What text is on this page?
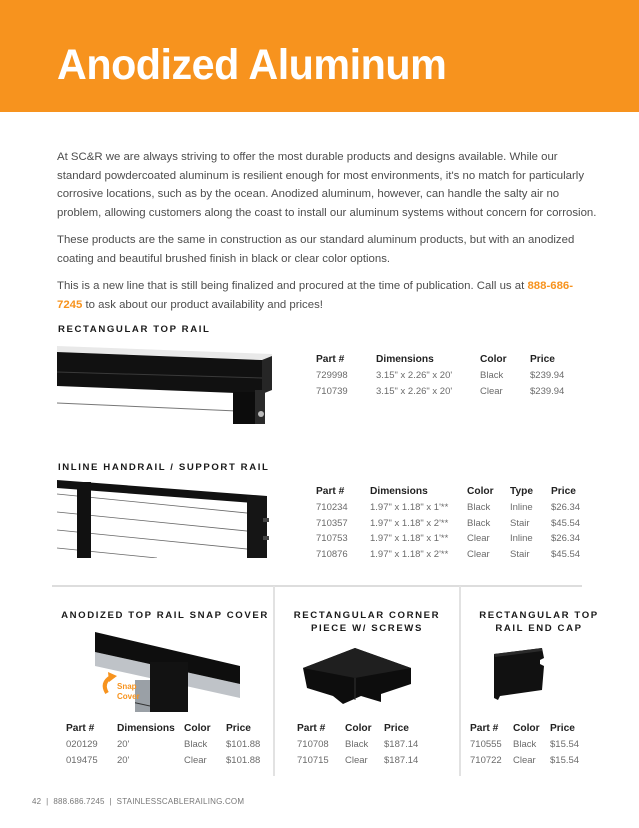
Anodized Aluminum

At SC&R we are always striving to offer the most durable products and designs available. While our standard powdercoated aluminum is resilient enough for most environments, it's no match for particularly corrosive locations, such as by the ocean. Anodized aluminum, however, can handle the salty air no problem, allowing customers along the coast to install our aluminum systems without concern for corrosion.

These products are the same in construction as our standard aluminum products, but with an anodized coating and beautiful brushed finish in black or clear color options.

This is a new line that is still being finalized and procured at the time of publication. Call us at 888-686-7245 to ask about our product availability and prices!

RECTANGULAR TOP RAIL
Part #	Dimensions	Color	Price
729998	3.15" x 2.26" x 20'	Black	$239.94
710739	3.15" x 2.26" x 20'	Clear	$239.94
INLINE HANDRAIL / SUPPORT RAIL
Part #	Dimensions	Color	Type	Price
710234	1.97" x 1.18" x 1'**	Black	Inline	$26.34
710357	1.97" x 1.18" x 2'**	Black	Stair	$45.54
710753	1.97" x 1.18" x 1'**	Clear	Inline	$26.34
710876	1.97" x 1.18" x 2'**	Clear	Stair	$45.54
ANODIZED TOP RAIL SNAP COVER
Snap
Cover
Part #	Dimensions	Color	Price
020129	20'	Black	$101.88
019475	20'	Clear	$101.88
RECTANGULAR CORNER
PIECE W/ SCREWS
Part #	Color	Price
710708	Black	$187.14
710715	Clear	$187.14
RECTANGULAR TOP
RAIL END CAP
Part #	Color	Price
710555	Black	$15.54
710722	Clear	$15.54
42 | 888.686.7245 | STAINLESSCABLERAILING.COM
